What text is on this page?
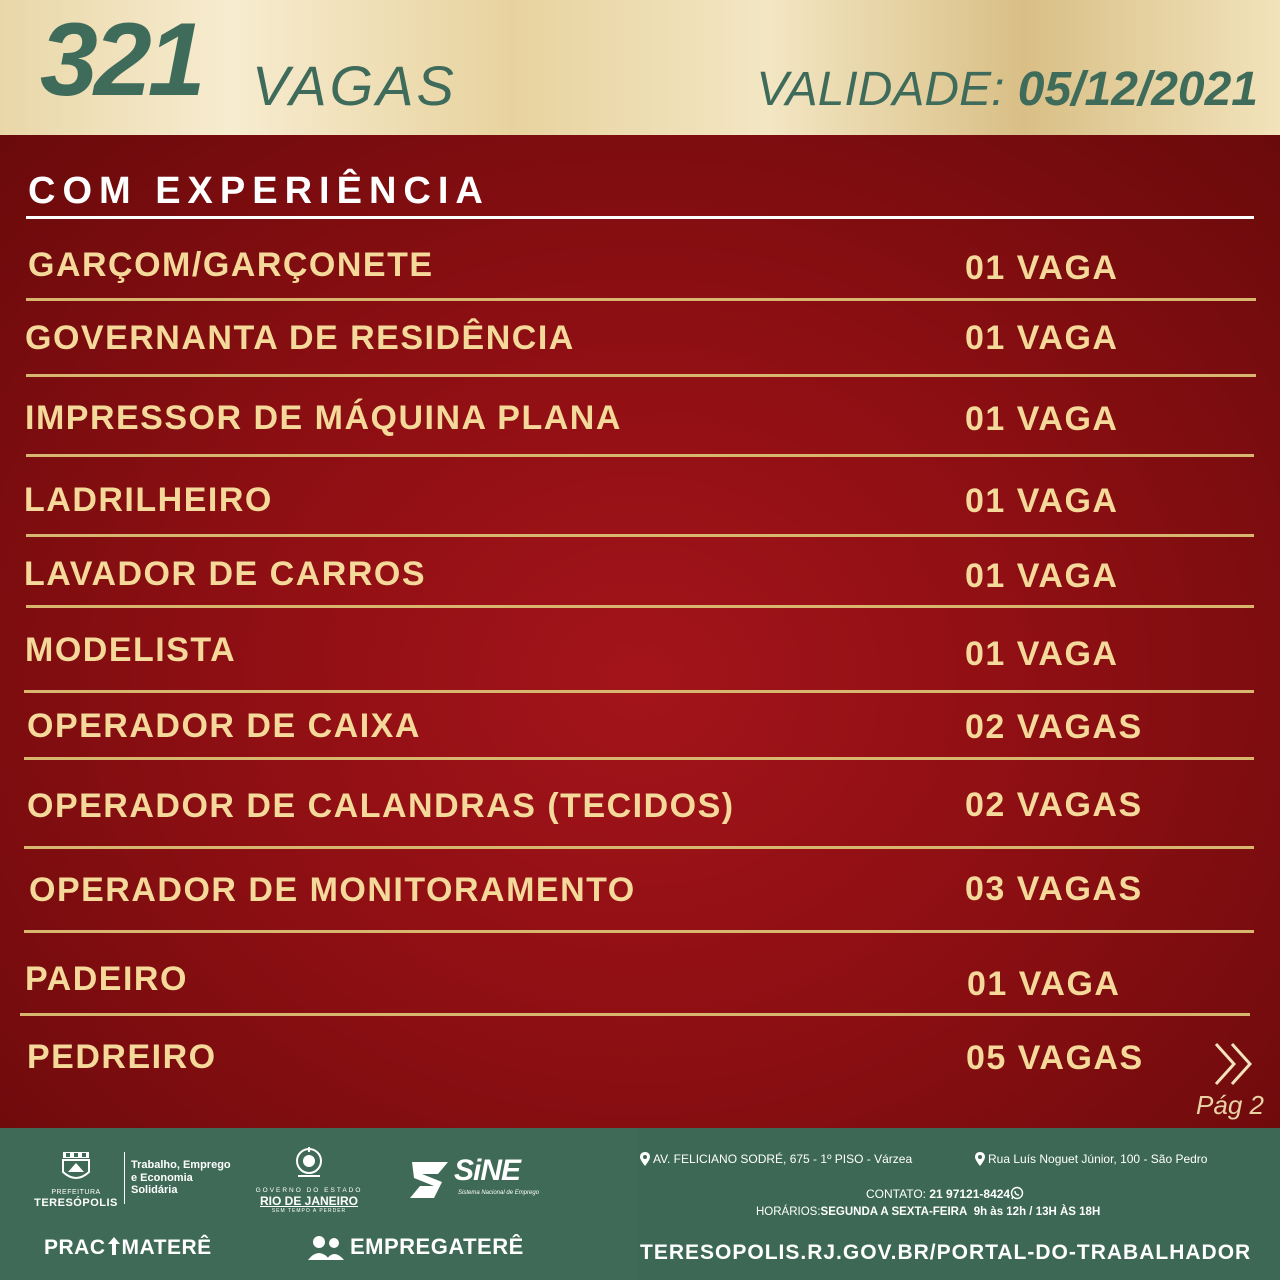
321 VAGAS	VALIDADE: 05/12/2021
COM EXPERIÊNCIA
GARÇOM/GARÇONETE	01 VAGA
GOVERNANTA DE RESIDÊNCIA	01 VAGA
IMPRESSOR DE MÁQUINA PLANA	01 VAGA
LADRILHEIRO	01 VAGA
LAVADOR DE CARROS	01 VAGA
MODELISTA	01 VAGA
OPERADOR DE CAIXA	02 VAGAS
OPERADOR DE CALANDRAS (TECIDOS)	02 VAGAS
OPERADOR DE MONITORAMENTO	03 VAGAS
PADEIRO	01 VAGA
PEDREIRO	05 VAGAS
Pág 2
PREFEITURA
TERESÓPOLIS
Trabalho, Emprego
e Economia
Solidária	GOVERNO DO ESTADO
RIO DE JANEIRO
SEM TEMPO A PERDER
SiNE
Sistema Nacional de Emprego
PRAC MATERÊ	EMPREGATERÊ
AV. FELICIANO SODRÉ, 675 - 1º PISO - Várzea	Rua Luís Noguet Júnior, 100 - São Pedro
CONTATO: 21 97121-8424
HORÁRIOS:SEGUNDA A SEXTA-FEIRA 9h às 12h / 13H ÀS 18H
TERESOPOLIS.RJ.GOV.BR/PORTAL-DO-TRABALHADOR
